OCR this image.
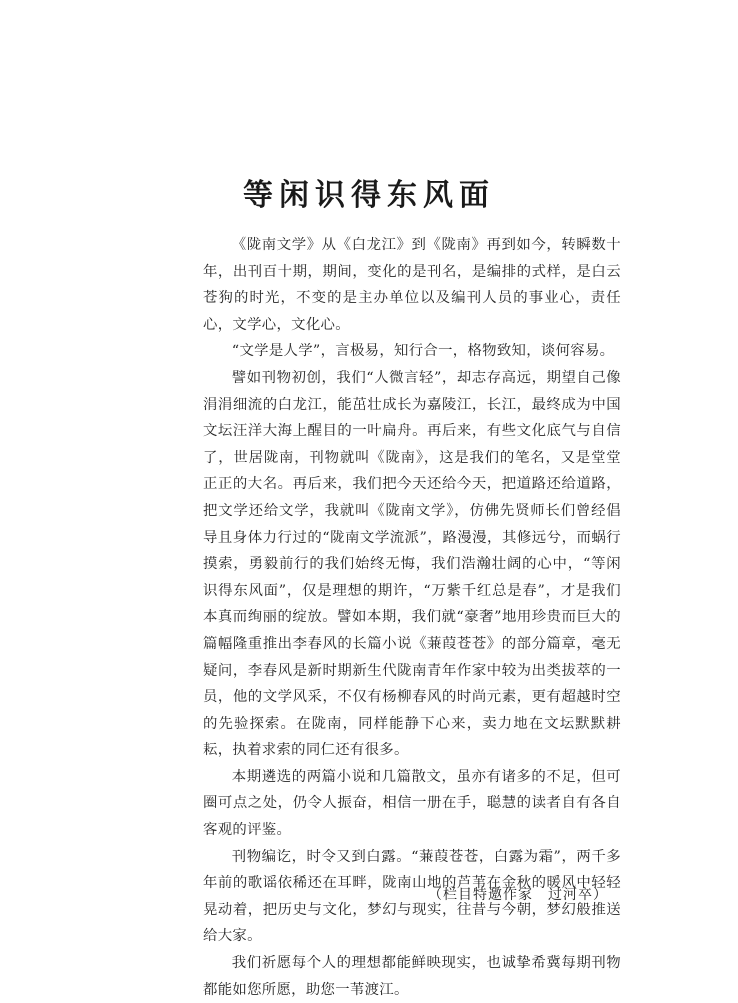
等闲识得东风面

《陇南文学》从《白龙江》到《陇南》再到如今，转瞬数十年，出刊百十期，期间，变化的是刊名，是编排的式样，是白云苍狗的时光，不变的是主办单位以及编刊人员的事业心，责任心，文学心，文化心。

“文学是人学”，言极易，知行合一，格物致知，谈何容易。

譬如刊物初创，我们“人微言轻”，却志存高远，期望自己像涓涓细流的白龙江，能茁壮成长为嘉陵江，长江，最终成为中国文坛汪洋大海上醒目的一叶扁舟。再后来，有些文化底气与自信了，世居陇南，刊物就叫《陇南》，这是我们的笔名，又是堂堂正正的大名。再后来，我们把今天还给今天，把道路还给道路，把文学还给文学，我就叫《陇南文学》，仿佛先贤师长们曾经倡导且身体力行过的“陇南文学流派”，路漫漫，其修远兮，而蜗行摸索，勇毅前行的我们始终无悔，我们浩瀚壮阔的心中，“等闲识得东风面”，仅是理想的期许，“万紫千红总是春”，才是我们本真而绚丽的绽放。譬如本期，我们就“豪奢”地用珍贵而巨大的篇幅隆重推出李春风的长篇小说《蒹葭苍苍》的部分篇章，毫无疑问，李春风是新时期新生代陇南青年作家中较为出类拔萃的一员，他的文学风采，不仅有杨柳春风的时尚元素，更有超越时空的先验探索。在陇南，同样能静下心来，卖力地在文坛默默耕耘，执着求索的同仁还有很多。

本期遴选的两篇小说和几篇散文，虽亦有诸多的不足，但可圈可点之处，仍令人振奋，相信一册在手，聪慧的读者自有各自客观的评鉴。

刊物编讫，时令又到白露。“蒹葭苍苍，白露为霜”，两千多年前的歌谣依稀还在耳畔，陇南山地的芦苇在金秋的暖风中轻轻晃动着，把历史与文化，梦幻与现实，往昔与今朝，梦幻般推送给大家。

我们祈愿每个人的理想都能鲜映现实，也诚挚希冀每期刊物都能如您所愿，助您一苇渡江。

（栏目特邀作家　过河卒）
